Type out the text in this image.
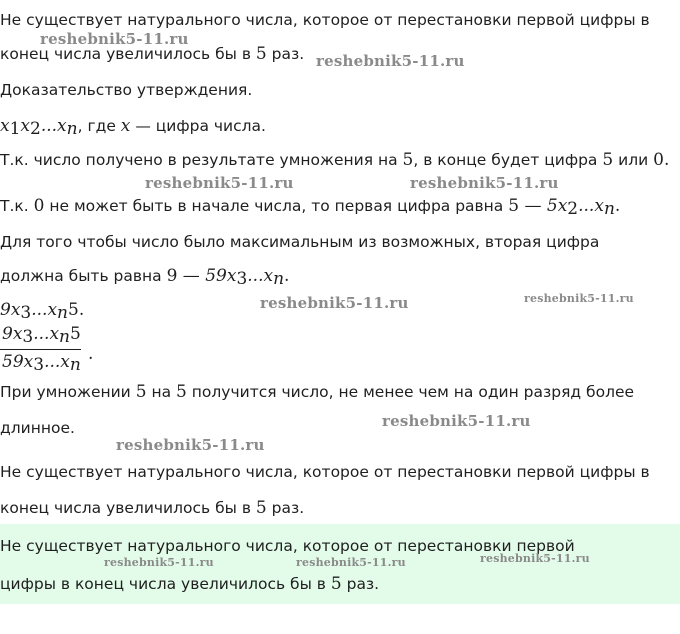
Не существует натурального числа, которое от перестановки первой цифры в
reshebnik5-11.ru
конец числа увеличилось бы в 5 раз. reshebnik5-11.ru
Доказательство утверждения.
$x_1x_2...x_n$, где x — цифра числа.
Т.к. число получено в результате умножения на 5, в конце будет цифра 5 или 0.
reshebnik5-11.ru	reshebnik5-11.ru
Т.к. 0 не может быть в начале числа, то первая цифра равна 5 — $5x_2...x_n$.
Для того чтобы число было максимальным из возможных, вторая цифра
должна быть равна 9 — $59x_3...x_n$.
$9x_3...x_n5$.	reshebnik5-11.ru	reshebnik5-11.ru
$\frac{9x_3...x_n5}{59x_3...x_n}$ .
При умножении 5 на 5 получится число, не менее чем на один разряд более
длинное.	reshebnik5-11.ru
reshebnik5-11.ru
Не существует натурального числа, которое от перестановки первой цифры в
конец числа увеличилось бы в 5 раз.
Не существует натурального числа, которое от перестановки первой
reshebnik5-11.ru
reshebnik5-11.ru	reshebnik5-11.ru
цифры в конец числа увеличилось бы в 5 раз.
